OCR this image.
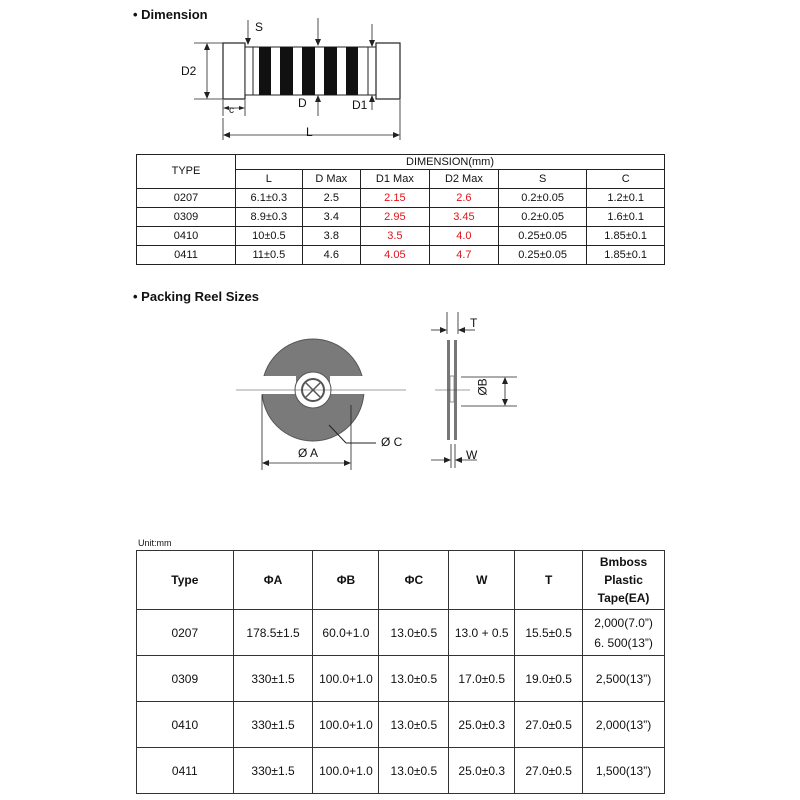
• Dimension
S
D2
D	D1
c
L
TYPE	DIMENSION(mm)					
	L	D Max	D1 Max	D2 Max	S	C
0207	6.1±0.3	2.5	2.15	2.6	0.2±0.05	1.2±0.1
0309	8.9±0.3	3.4	2.95	3.45	0.2±0.05	1.6±0.1
0410	10±0.5	3.8	3.5	4.0	0.25±0.05	1.85±0.1
0411	11±0.5	4.6	4.05	4.7	0.25±0.05	1.85±0.1
• Packing Reel Sizes
Ø C
Ø A
T
ØB
W
Unit:mm
Type	ΦA	ΦB	ΦC	W	T	Bmboss
Plastic
Tape(EA)

0207	178.5±1.5	60.0+1.0	13.0±0.5	13.0 + 0.5	15.5±0.5	2,000(7.0”)
6. 500(13”)

0309	330±1.5	100.0+1.0	13.0±0.5	17.0±0.5	19.0±0.5	2,500(13”)
0410	330±1.5	100.0+1.0	13.0±0.5	25.0±0.3	27.0±0.5	2,000(13”)
0411	330±1.5	100.0+1.0	13.0±0.5	25.0±0.3	27.0±0.5	1,500(13”)
